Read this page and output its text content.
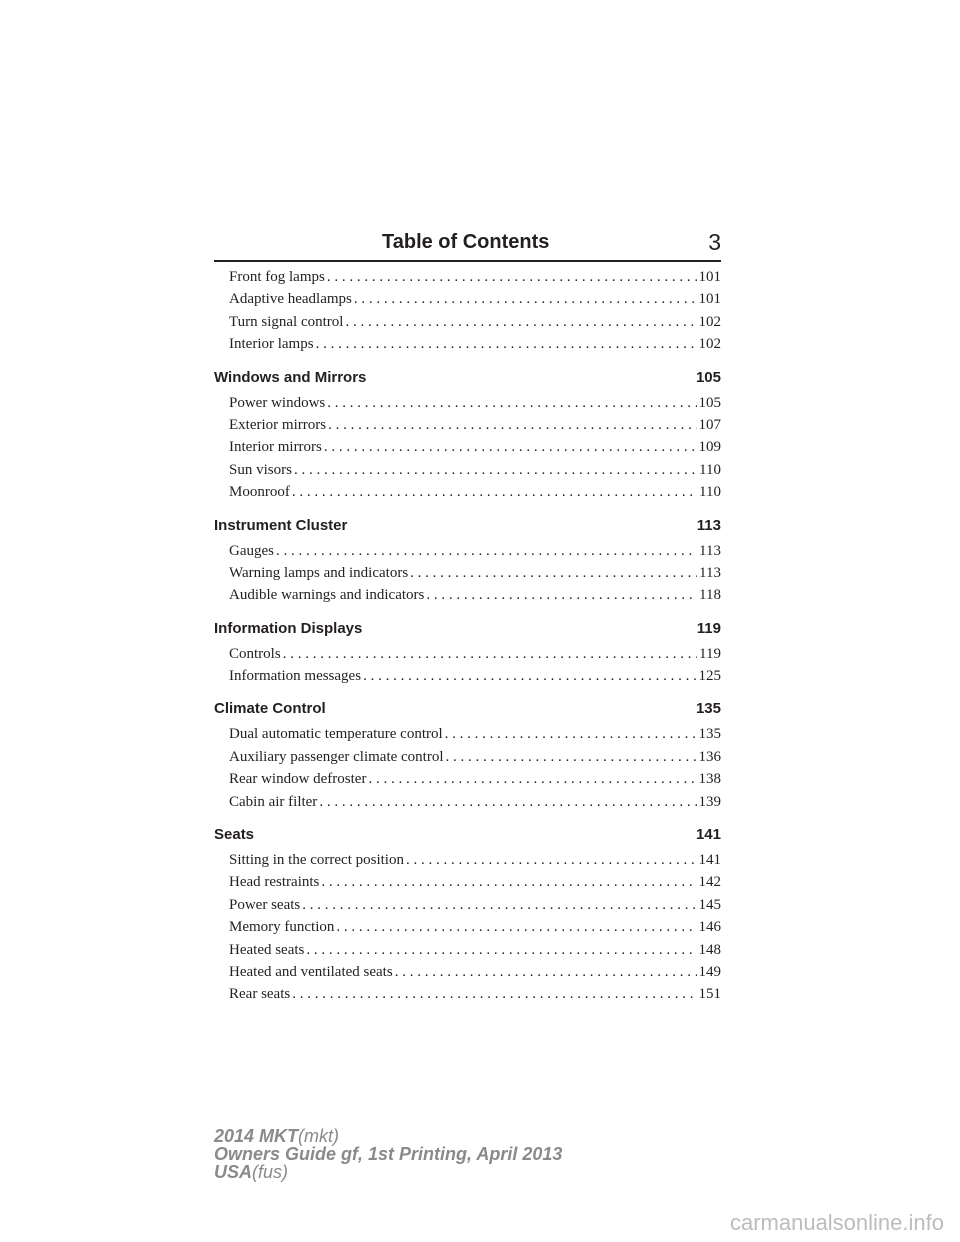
Table of Contents	3
Front fog lamps . . .	101
Adaptive headlamps . . .	101
Turn signal control . . .	102
Interior lamps . . .	102
Windows and Mirrors	105
Power windows . . .	105
Exterior mirrors . . .	107
Interior mirrors . . .	109
Sun visors . . .	110
Moonroof . . .	110
Instrument Cluster	113
Gauges . . .	113
Warning lamps and indicators . . .	113
Audible warnings and indicators . . .	118
Information Displays	119
Controls . . .	119
Information messages . . .	125
Climate Control	135
Dual automatic temperature control . . .	135
Auxiliary passenger climate control . . .	136
Rear window defroster . . .	138
Cabin air filter . . .	139
Seats	141
Sitting in the correct position . . .	141
Head restraints . . .	142
Power seats . . .	145
Memory function . . .	146
Heated seats . . .	148
Heated and ventilated seats . . .	149
Rear seats . . .	151
2014 MKT(mkt)
Owners Guide gf, 1st Printing, April 2013
USA(fus)
carmanualsonline.info
